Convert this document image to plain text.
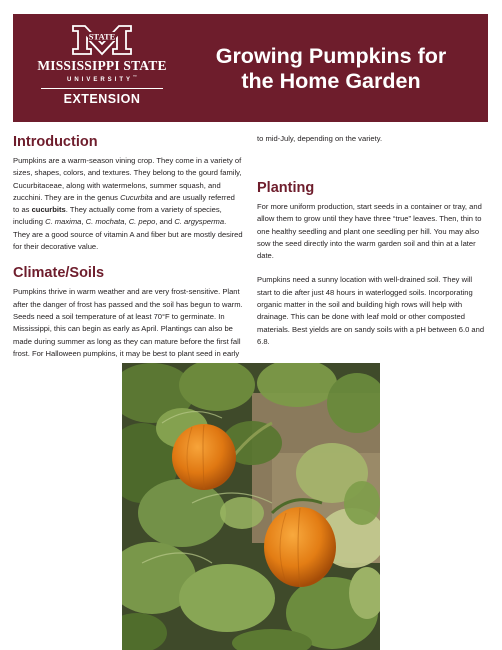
STATE
MISSISSIPPI STATE
UNIVERSITY™
EXTENSION
Growing Pumpkins for
the Home Garden
Introduction

Pumpkins are a warm-season vining crop. They come in a variety of sizes, shapes, colors, and textures. They belong to the gourd family, Cucurbitaceae, along with watermelons, summer squash, and zucchini. They are in the genus Cucurbita and are usually referred to as cucurbits. They actually come from a variety of species, including C. maxima, C. mochata, C. pepo, and C. argysperma. They are a good source of vitamin A and fiber but are mostly desired for their decorative value.

Climate/Soils

Pumpkins thrive in warm weather and are very frost-sensitive. Plant after the danger of frost has passed and the soil has begun to warm. Seeds need a soil temperature of at least 70°F to germinate. In Mississippi, this can begin as early as April. Plantings can also be made during summer as long as they can mature before the first fall frost. For Halloween pumpkins, it may be best to plant seed in early

to mid-July, depending on the variety.

Planting

For more uniform production, start seeds in a container or tray, and allow them to grow until they have three “true” leaves. Then, thin to one healthy seedling and plant one seedling per hill. You may also sow the seed directly into the warm garden soil and thin at a later date.

Pumpkins need a sunny location with well-drained soil. They will start to die after just 48 hours in waterlogged soils. Incorporating organic matter in the soil and building high rows will help with drainage. This can be done with leaf mold or other composted materials. Best yields are on sandy soils with a pH between 6.0 and 6.8.
